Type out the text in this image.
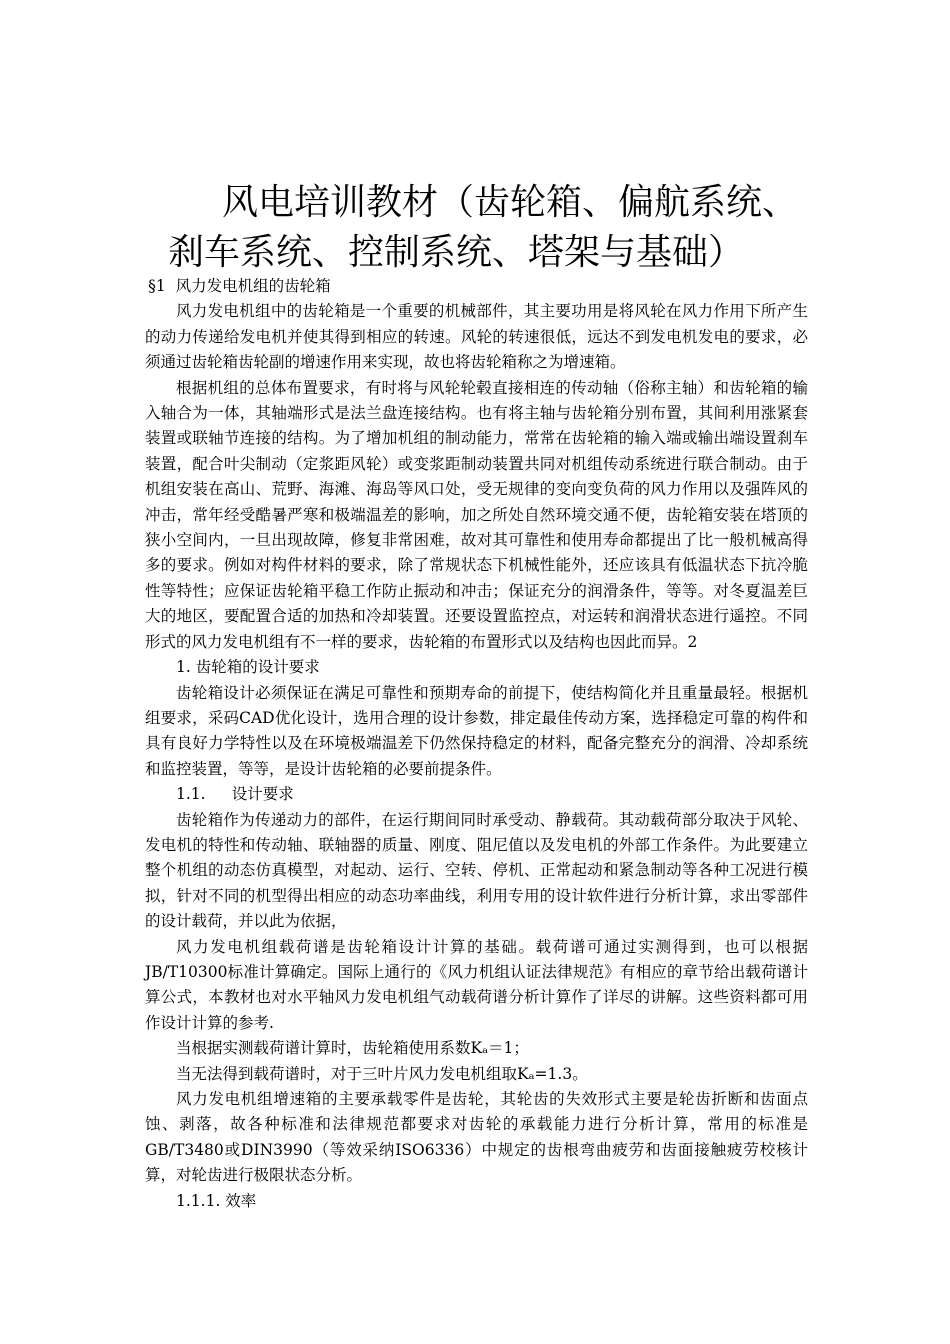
风电培训教材（齿轮箱、偏航系统、
刹车系统、控制系统、塔架与基础）

§1 风力发电机组的齿轮箱

风力发电机组中的齿轮箱是一个重要的机械部件，其主要功用是将风轮在风力作用下所产生的动力传递给发电机并使其得到相应的转速。风轮的转速很低，远达不到发电机发电的要求，必须通过齿轮箱齿轮副的增速作用来实现，故也将齿轮箱称之为增速箱。

根据机组的总体布置要求，有时将与风轮轮毂直接相连的传动轴（俗称主轴）和齿轮箱的输入轴合为一体，其轴端形式是法兰盘连接结构。也有将主轴与齿轮箱分别布置，其间利用涨紧套装置或联轴节连接的结构。为了增加机组的制动能力，常常在齿轮箱的输入端或输出端设置刹车装置，配合叶尖制动（定浆距风轮）或变浆距制动装置共同对机组传动系统进行联合制动。由于机组安装在高山、荒野、海滩、海岛等风口处，受无规律的变向变负荷的风力作用以及强阵风的冲击，常年经受酷暑严寒和极端温差的影响，加之所处自然环境交通不便，齿轮箱安装在塔顶的狭小空间内，一旦出现故障，修复非常困难，故对其可靠性和使用寿命都提出了比一般机械高得多的要求。例如对构件材料的要求，除了常规状态下机械性能外，还应该具有低温状态下抗冷脆性等特性；应保证齿轮箱平稳工作防止振动和冲击；保证充分的润滑条件，等等。对冬夏温差巨大的地区，要配置合适的加热和冷却装置。还要设置监控点，对运转和润滑状态进行遥控。不同形式的风力发电机组有不一样的要求，齿轮箱的布置形式以及结构也因此而异。2

1. 齿轮箱的设计要求

齿轮箱设计必须保证在满足可靠性和预期寿命的前提下，使结构简化并且重量最轻。根据机组要求，采码CAD优化设计，选用合理的设计参数，排定最佳传动方案，选择稳定可靠的构件和具有良好力学特性以及在环境极端温差下仍然保持稳定的材料，配备完整充分的润滑、冷却系统和监控装置，等等，是设计齿轮箱的必要前提条件。

1.1. 设计要求

齿轮箱作为传递动力的部件，在运行期间同时承受动、静载荷。其动载荷部分取决于风轮、发电机的特性和传动轴、联轴器的质量、刚度、阻尼值以及发电机的外部工作条件。为此要建立整个机组的动态仿真模型，对起动、运行、空转、停机、正常起动和紧急制动等各种工况进行模拟，针对不同的机型得出相应的动态功率曲线，利用专用的设计软件进行分析计算，求出零部件的设计载荷，并以此为依据，

风力发电机组载荷谱是齿轮箱设计计算的基础。载荷谱可通过实测得到，也可以根据JB/T10300标准计算确定。国际上通行的《风力机组认证法律规范》有相应的章节给出载荷谱计算公式，本教材也对水平轴风力发电机组气动载荷谱分析计算作了详尽的讲解。这些资料都可用作设计计算的参考.

当根据实测载荷谱计算时，齿轮箱使用系数Kₐ＝1；

当无法得到载荷谱时，对于三叶片风力发电机组取Kₐ=1.3。

风力发电机组增速箱的主要承载零件是齿轮，其轮齿的失效形式主要是轮齿折断和齿面点蚀、剥落，故各种标准和法律规范都要求对齿轮的承载能力进行分析计算，常用的标准是GB/T3480或DIN3990（等效采纳ISO6336）中规定的齿根弯曲疲劳和齿面接触疲劳校核计算，对轮齿进行极限状态分析。

1.1.1. 效率
